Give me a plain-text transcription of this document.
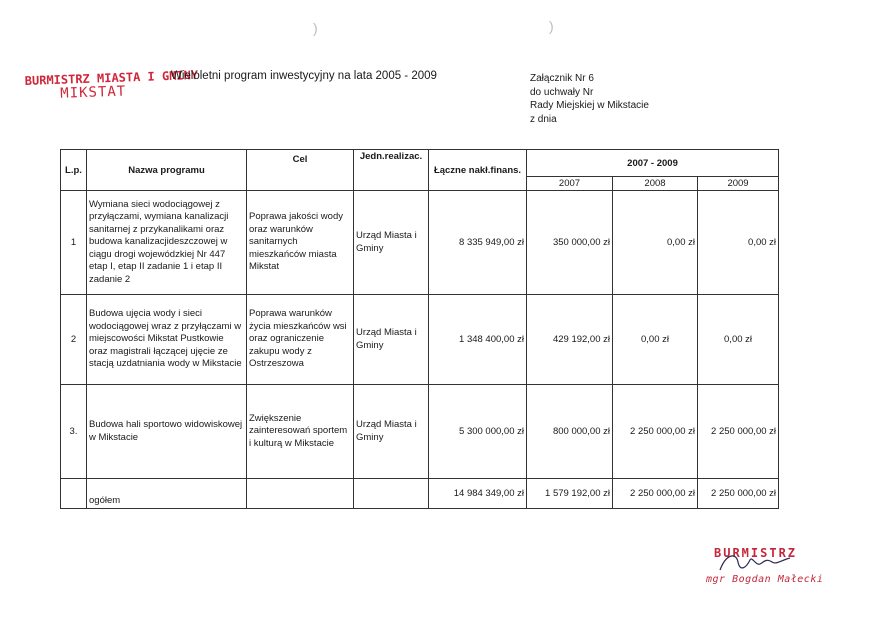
)	)
BURMISTRZ MIASTA I GMINY
MIKSTAT
Wieloletni program inwestycyjny na lata 2005 - 2009	Załącznik Nr 6
do uchwały Nr
Rady Miejskiej w Mikstacie
z dnia
L.p.	Nazwa programu	Cel	Jedn.realizac.	Łączne nakł.finans.	2007 - 2009		
					2007	2008	2009
1	Wymiana sieci wodociągowej z przyłączami, wymiana kanalizacji sanitarnej z przykanalikami oraz budowa kanalizacjideszczowej w ciągu drogi wojewódzkiej Nr 447 etap I, etap II zadanie 1 i etap II zadanie 2	Poprawa jakości wody oraz warunków sanitarnych mieszkańców miasta Mikstat	Urząd Miasta i Gminy	8 335 949,00 zł	350 000,00 zł	0,00 zł	0,00 zł
2	Budowa ujęcia wody i sieci wodociągowej wraz z przyłączami w miejscowości Mikstat Pustkowie oraz magistrali łączącej ujęcie ze stacją uzdatniania wody w Mikstacie	Poprawa warunków życia mieszkańców wsi oraz ograniczenie zakupu wody z Ostrzeszowa	Urząd Miasta i Gminy	1 348 400,00 zł	429 192,00 zł	0,00 zł	0,00 zł
3.	Budowa hali sportowo widowiskowej w Mikstacie	Zwiększenie zainteresowań sportem i kulturą w Mikstacie	Urząd Miasta i Gminy	5 300 000,00 zł	800 000,00 zł	2 250 000,00 zł	2 250 000,00 zł
	ogółem			14 984 349,00 zł	1 579 192,00 zł	2 250 000,00 zł	2 250 000,00 zł
BURMISTRZ
mgr Bogdan Małecki
